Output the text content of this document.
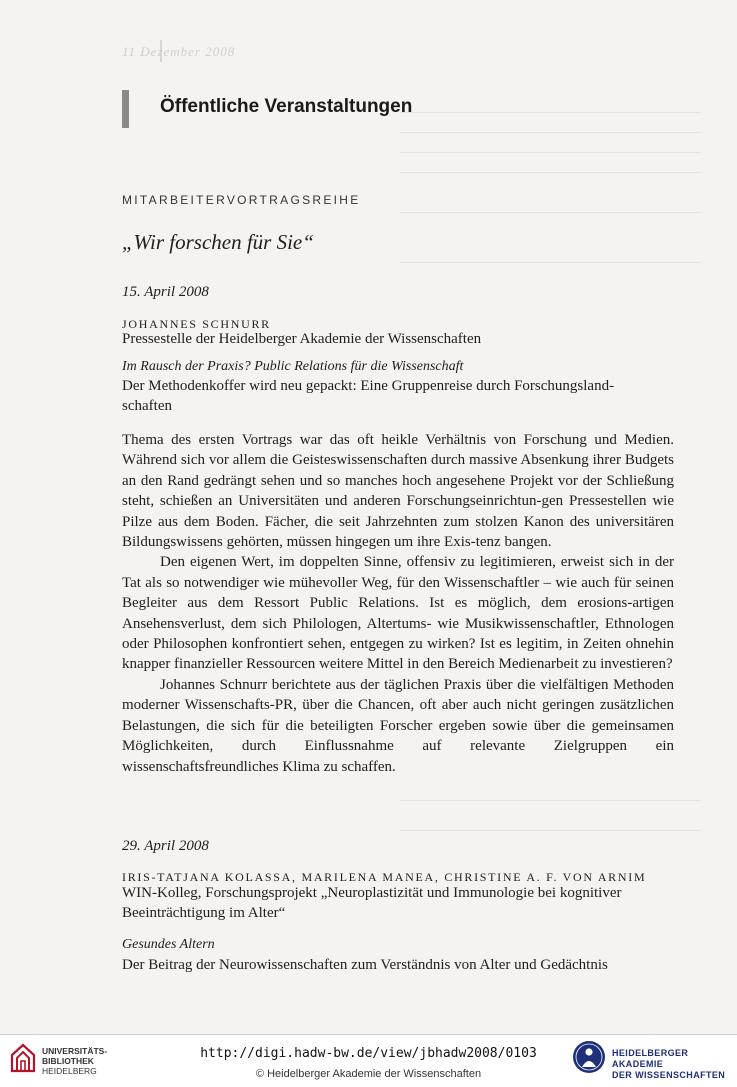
11 Dezember 2008
Öffentliche Veranstaltungen
MITARBEITERVORTRAGSREIHE
„Wir forschen für Sie“
15. April 2008
JOHANNES SCHNURR
Pressestelle der Heidelberger Akademie der Wissenschaften
Im Rausch der Praxis? Public Relations für die Wissenschaft
Der Methodenkoffer wird neu gepackt: Eine Gruppenreise durch Forschungsland-
schaften

Thema des ersten Vortrags war das oft heikle Verhältnis von Forschung und Medien. Während sich vor allem die Geisteswissenschaften durch massive Absenkung ihrer Budgets an den Rand gedrängt sehen und so manches hoch angesehene Projekt vor der Schließung steht, schießen an Universitäten und anderen Forschungseinrichtun-gen Pressestellen wie Pilze aus dem Boden. Fächer, die seit Jahrzehnten zum stolzen Kanon des universitären Bildungswissens gehörten, müssen hingegen um ihre Exis-tenz bangen.

Den eigenen Wert, im doppelten Sinne, offensiv zu legitimieren, erweist sich in der Tat als so notwendiger wie mühevoller Weg, für den Wissenschaftler – wie auch für seinen Begleiter aus dem Ressort Public Relations. Ist es möglich, dem erosions-artigen Ansehensverlust, dem sich Philologen, Altertums- wie Musikwissenschaftler, Ethnologen oder Philosophen konfrontiert sehen, entgegen zu wirken? Ist es legitim, in Zeiten ohnehin knapper finanzieller Ressourcen weitere Mittel in den Bereich Medienarbeit zu investieren?

Johannes Schnurr berichtete aus der täglichen Praxis über die vielfältigen Methoden moderner Wissenschafts-PR, über die Chancen, oft aber auch nicht geringen zusätzlichen Belastungen, die sich für die beteiligten Forscher ergeben sowie über die gemeinsamen Möglichkeiten, durch Einflussnahme auf relevante Zielgruppen ein wissenschaftsfreundliches Klima zu schaffen.

29. April 2008
IRIS-TATJANA KOLASSA, MARILENA MANEA, CHRISTINE A. F. VON ARNIM
WIN-Kolleg, Forschungsprojekt „Neuroplastizität und Immunologie bei kognitiver
Beeinträchtigung im Alter“
Gesundes Altern
Der Beitrag der Neurowissenschaften zum Verständnis von Alter und Gedächtnis
UNIVERSITÄTS-
BIBLIOTHEK
HEIDELBERG
http://digi.hadw-bw.de/view/jbhadw2008/0103
© Heidelberger Akademie der Wissenschaften
HEIDELBERGER AKADEMIE
DER WISSENSCHAFTEN
